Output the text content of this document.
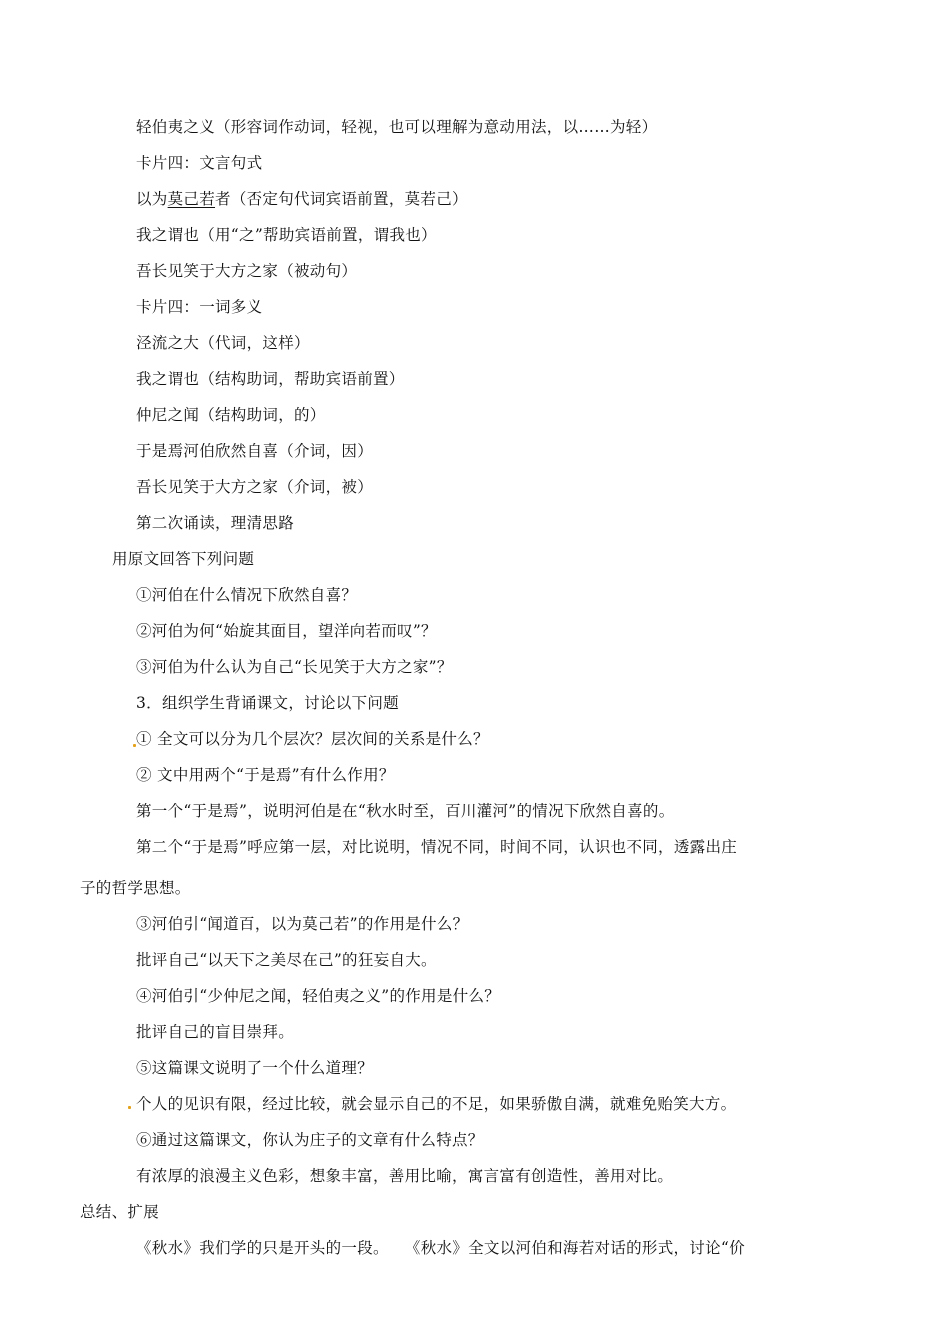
轻伯夷之义（形容词作动词，轻视，也可以理解为意动用法，以……为轻）
卡片四：文言句式
以为莫己若者（否定句代词宾语前置，莫若己）
我之谓也（用“之”帮助宾语前置，谓我也）
吾长见笑于大方之家（被动句）
卡片四：一词多义
泾流之大（代词，这样）
我之谓也（结构助词，帮助宾语前置）
仲尼之闻（结构助词，的）
于是焉河伯欣然自喜（介词，因）
吾长见笑于大方之家（介词，被）
第二次诵读，理清思路
用原文回答下列问题
①河伯在什么情况下欣然自喜？
②河伯为何“始旋其面目，望洋向若而叹”？
③河伯为什么认为自己“长见笑于大方之家”？
3．组织学生背诵课文，讨论以下问题
① 全文可以分为几个层次？层次间的关系是什么？
② 文中用两个“于是焉”有什么作用？
第一个“于是焉”，说明河伯是在“秋水时至，百川灌河”的情况下欣然自喜的。
第二个“于是焉”呼应第一层，对比说明，情况不同，时间不同，认识也不同，透露出庄
子的哲学思想。
③河伯引“闻道百，以为莫己若”的作用是什么？
批评自己“以天下之美尽在己”的狂妄自大。
④河伯引“少仲尼之闻，轻伯夷之义”的作用是什么？
批评自己的盲目崇拜。
⑤这篇课文说明了一个什么道理？
个人的见识有限，经过比较，就会显示自己的不足，如果骄傲自满，就难免贻笑大方。
⑥通过这篇课文，你认为庄子的文章有什么特点？
有浓厚的浪漫主义色彩，想象丰富，善用比喻，寓言富有创造性，善用对比。
总结、扩展
《秋水》我们学的只是开头的一段。　　《秋水》全文以河伯和海若对话的形式，讨论“价
